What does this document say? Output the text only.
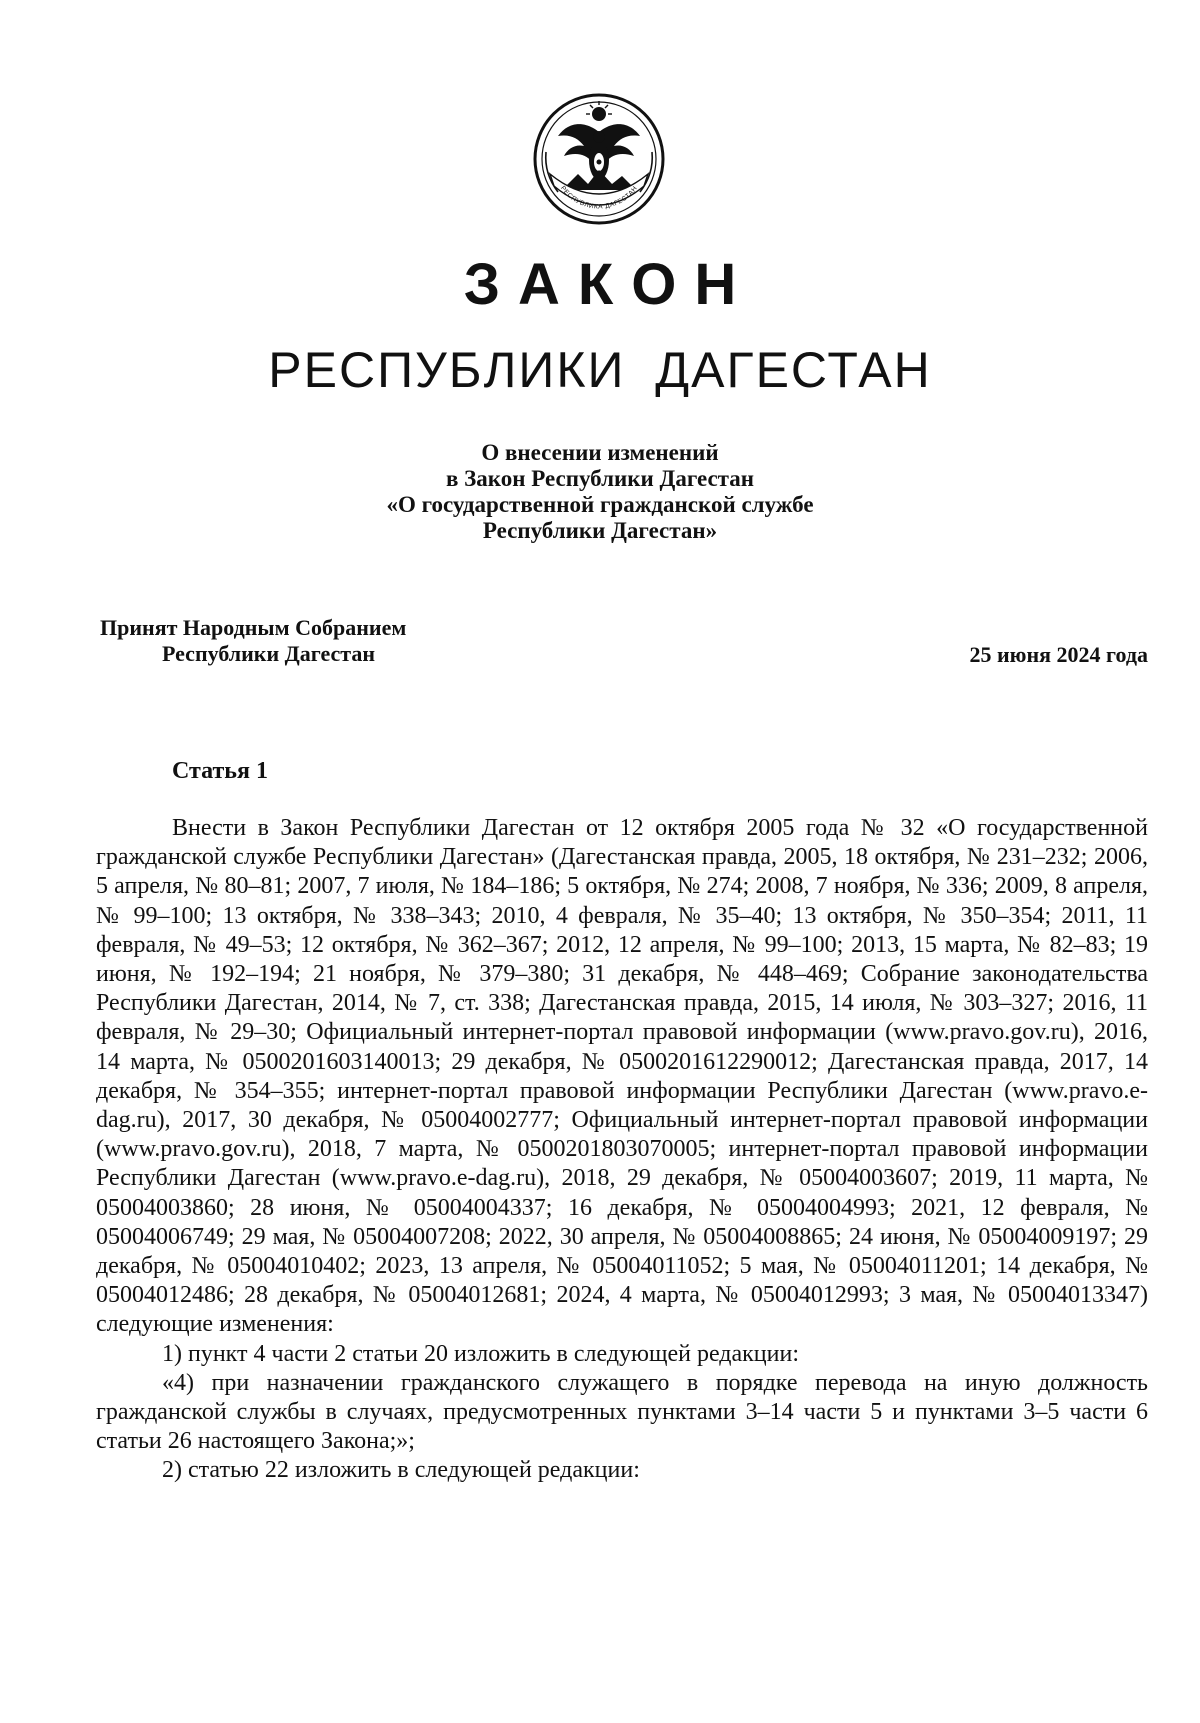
РЕСПУБЛИКА ДАГЕСТАН
ЗАКОН
РЕСПУБЛИКИ ДАГЕСТАН
О внесении изменений
в Закон Республики Дагестан
«О государственной гражданской службе
Республики Дагестан»
Принят Народным Собранием
Республики Дагестан	25 июня 2024 года
Статья 1

Внести в Закон Республики Дагестан от 12 октября 2005 года № 32 «О государственной гражданской службе Республики Дагестан» (Дагестанская правда, 2005, 18 октября, № 231–232; 2006, 5 апреля, № 80–81; 2007, 7 июля, № 184–186; 5 октября, № 274; 2008, 7 ноября, № 336; 2009, 8 апреля, № 99–100; 13 октября, № 338–343; 2010, 4 февраля, № 35–40; 13 октября, № 350–354; 2011, 11 февраля, № 49–53; 12 октября, № 362–367; 2012, 12 апреля, № 99–100; 2013, 15 марта, № 82–83; 19 июня, № 192–194; 21 ноября, № 379–380; 31 декабря, № 448–469; Собрание законодательства Республики Дагестан, 2014, № 7, ст. 338; Дагестанская правда, 2015, 14 июля, № 303–327; 2016, 11 февраля, № 29–30; Официальный интернет-портал правовой информации (www.pravo.gov.ru), 2016, 14 марта, № 0500201603140013; 29 декабря, № 0500201612290012; Дагестанская правда, 2017, 14 декабря, № 354–355; интернет-портал правовой информации Республики Дагестан (www.pravo.e-dag.ru), 2017, 30 декабря, № 05004002777; Официальный интернет-портал правовой информации (www.pravo.gov.ru), 2018, 7 марта, № 0500201803070005; интернет-портал правовой информации Республики Дагестан (www.pravo.e-dag.ru), 2018, 29 декабря, № 05004003607; 2019, 11 марта, № 05004003860; 28 июня, № 05004004337; 16 декабря, № 05004004993; 2021, 12 февраля, № 05004006749; 29 мая, № 05004007208; 2022, 30 апреля, № 05004008865; 24 июня, № 05004009197; 29 декабря, № 05004010402; 2023, 13 апреля, № 05004011052; 5 мая, № 05004011201; 14 декабря, № 05004012486; 28 декабря, № 05004012681; 2024, 4 марта, № 05004012993; 3 мая, № 05004013347) следующие изменения:

1) пункт 4 части 2 статьи 20 изложить в следующей редакции:

«4) при назначении гражданского служащего в порядке перевода на иную должность гражданской службы в случаях, предусмотренных пунктами 3–14 части 5 и пунктами 3–5 части 6 статьи 26 настоящего Закона;»;

2) статью 22 изложить в следующей редакции:
